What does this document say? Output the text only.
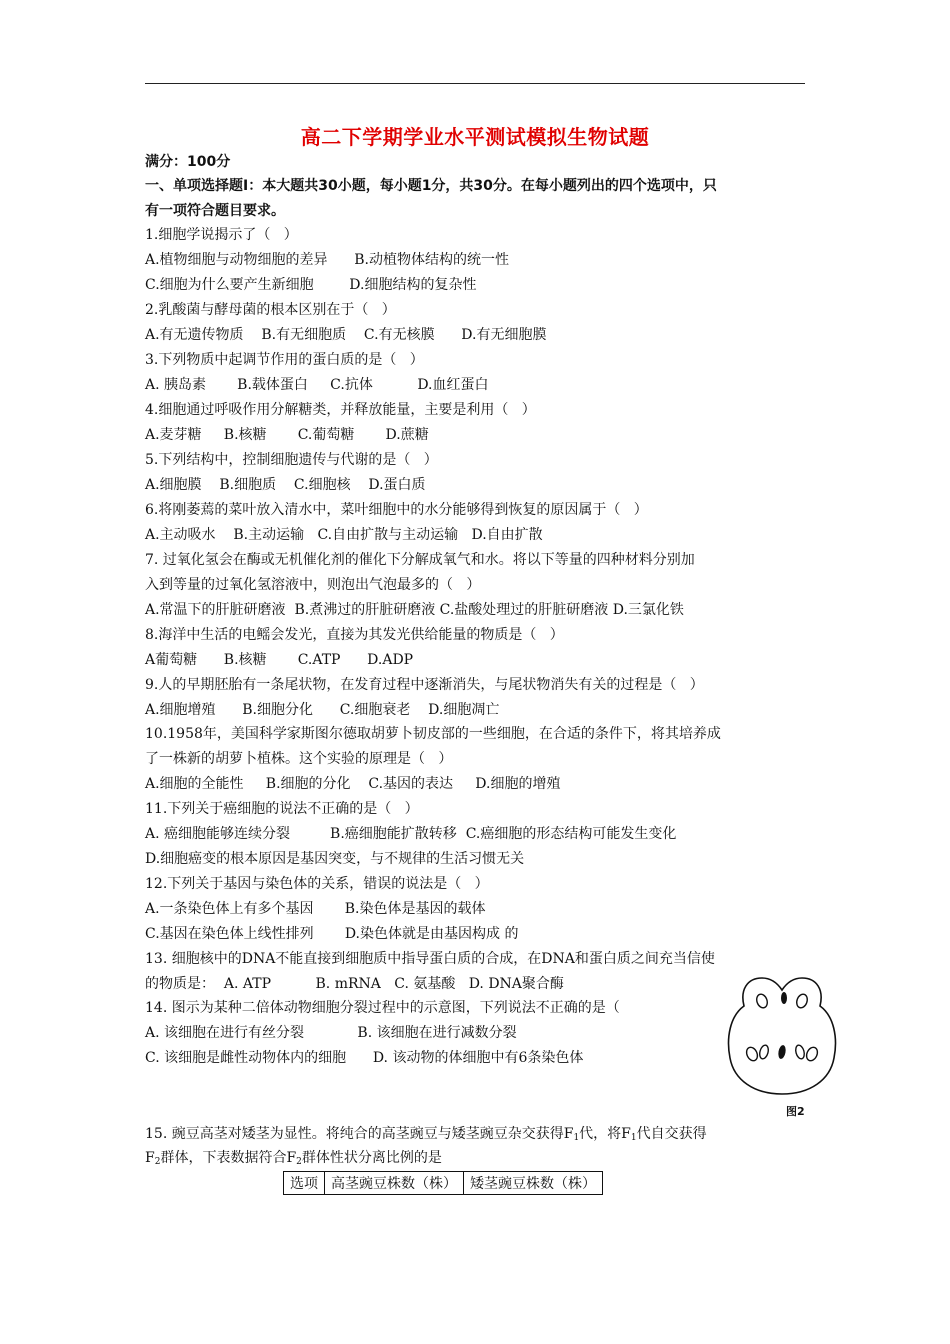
高二下学期学业水平测试模拟生物试题
满分：100分
一、单项选择题I：本大题共30小题，每小题1分，共30分。在每小题列出的四个选项中，只
有一项符合题目要求。
1.细胞学说揭示了（   ）
A.植物细胞与动物细胞的差异      B.动植物体结构的统一性
C.细胞为什么要产生新细胞        D.细胞结构的复杂性
2.乳酸菌与酵母菌的根本区别在于（   ）
A.有无遗传物质    B.有无细胞质    C.有无核膜      D.有无细胞膜
3.下列物质中起调节作用的蛋白质的是（   ）
A. 胰岛素       B.载体蛋白     C.抗体          D.血红蛋白
4.细胞通过呼吸作用分解糖类，并释放能量，主要是利用（   ）
A.麦芽糖     B.核糖       C.葡萄糖       D.蔗糖
5.下列结构中，控制细胞遗传与代谢的是（   ）
A.细胞膜    B.细胞质    C.细胞核    D.蛋白质
6.将刚萎蔫的菜叶放入清水中，菜叶细胞中的水分能够得到恢复的原因属于（   ）
A.主动吸水    B.主动运输   C.自由扩散与主动运输   D.自由扩散
7. 过氧化氢会在酶或无机催化剂的催化下分解成氧气和水。将以下等量的四种材料分别加
入到等量的过氧化氢溶液中，则泡出气泡最多的（   ）
A.常温下的肝脏研磨液  B.煮沸过的肝脏研磨液 C.盐酸处理过的肝脏研磨液 D.三氯化铁
8.海洋中生活的电鳐会发光，直接为其发光供给能量的物质是（   ）
A葡萄糖      B.核糖       C.ATP      D.ADP
9.人的早期胚胎有一条尾状物，在发育过程中逐渐消失，与尾状物消失有关的过程是（   ）
A.细胞增殖      B.细胞分化      C.细胞衰老    D.细胞凋亡
10.1958年，美国科学家斯图尔德取胡萝卜韧皮部的一些细胞，在合适的条件下，将其培养成
了一株新的胡萝卜植株。这个实验的原理是（   ）
A.细胞的全能性     B.细胞的分化    C.基因的表达     D.细胞的增殖
11.下列关于癌细胞的说法不正确的是（   ）
A. 癌细胞能够连续分裂         B.癌细胞能扩散转移  C.癌细胞的形态结构可能发生变化
D.细胞癌变的根本原因是基因突变，与不规律的生活习惯无关
12.下列关于基因与染色体的关系，错误的说法是（   ）
A.一条染色体上有多个基因       B.染色体是基因的载体
C.基因在染色体上线性排列       D.染色体就是由基因构成 的
13. 细胞核中的DNA不能直接到细胞质中指导蛋白质的合成，在DNA和蛋白质之间充当信使
的物质是：  A. ATP          B. mRNA   C. 氨基酸   D. DNA聚合酶
14. 图示为某种二倍体动物细胞分裂过程中的示意图，下列说法不正确的是（
A. 该细胞在进行有丝分裂            B. 该细胞在进行减数分裂
C. 该细胞是雌性动物体内的细胞      D. 该动物的体细胞中有6条染色体
15. 豌豆高茎对矮茎为显性。将纯合的高茎豌豆与矮茎豌豆杂交获得$F_1$代，将$F_1$代自交获得
$F_2$群体，下表数据符合$F_2$群体性状分离比例的是
选项	高茎豌豆株数（株）	矮茎豌豆株数（株）
图2
